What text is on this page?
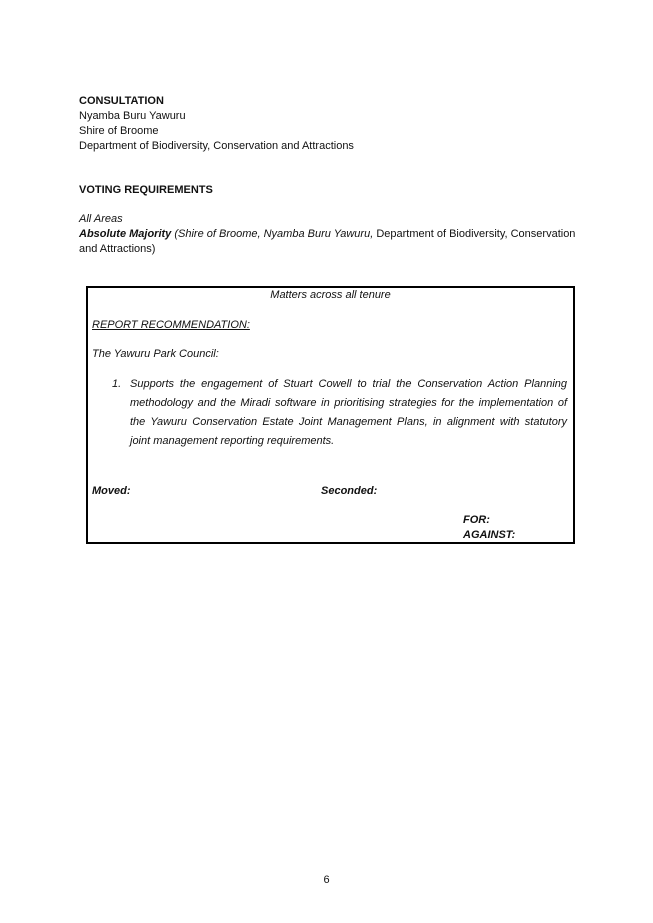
CONSULTATION
Nyamba Buru Yawuru
Shire of Broome
Department of Biodiversity, Conservation and Attractions
VOTING REQUIREMENTS
All Areas
Absolute Majority (Shire of Broome, Nyamba Buru Yawuru, Department of Biodiversity, Conservation
and Attractions)
Matters across all tenure
REPORT RECOMMENDATION:
The Yawuru Park Council:
1. Supports the engagement of Stuart Cowell to trial the Conservation Action Planning methodology and the Miradi software in prioritising strategies for the implementation of the Yawuru Conservation Estate Joint Management Plans, in alignment with statutory joint management reporting requirements.
Moved:	Seconded:
FOR:
AGAINST:
6
